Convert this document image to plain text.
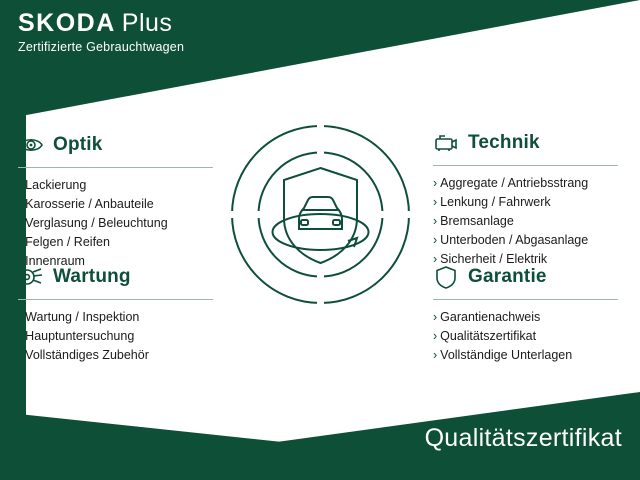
SKODA Plus
Zertifizierte Gebrauchtwagen
Optik
› Lackierung
› Karosserie / Anbauteile
› Verglasung / Beleuchtung
› Felgen / Reifen
› Innenraum
Wartung
› Wartung / Inspektion
› Hauptuntersuchung
› Vollständiges Zubehör
Technik
› Aggregate / Antriebsstrang
› Lenkung / Fahrwerk
› Bremsanlage
› Unterboden / Abgasanlage
› Sicherheit / Elektrik
Garantie
› Garantienachweis
› Qualitätszertifikat
› Vollständige Unterlagen
Qualitätszertifikat
